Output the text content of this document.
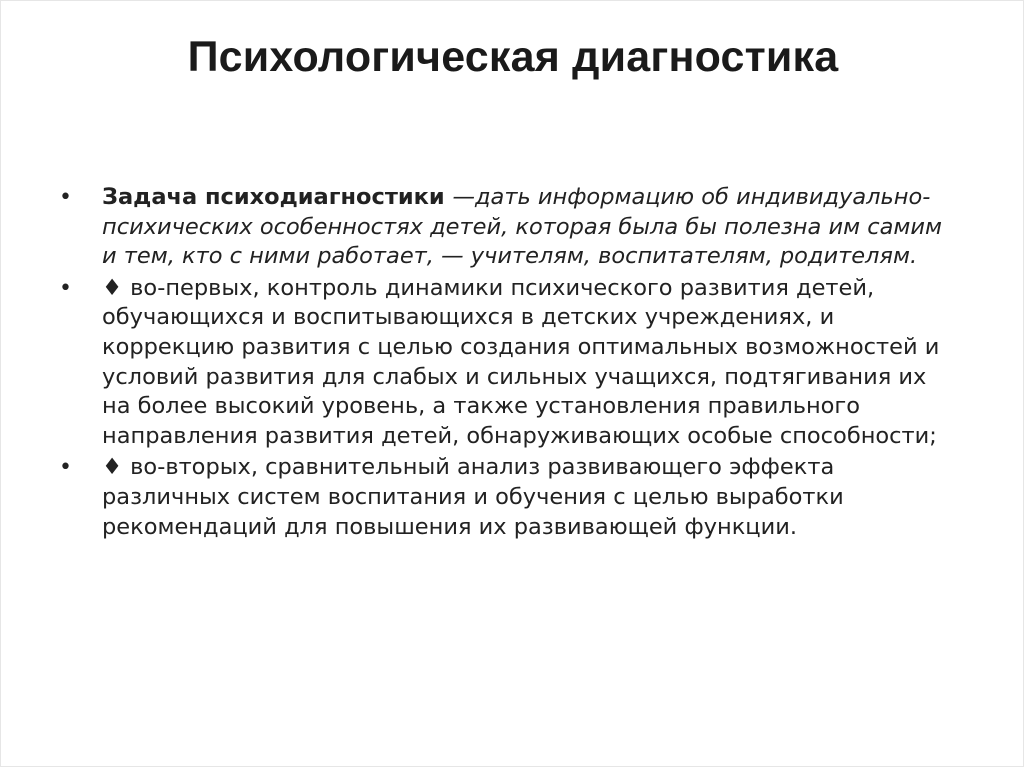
Психологическая диагностика
•	Задача психодиагностики —дать информацию об индивидуально-психических особенностях детей, которая была бы полезна им самим и тем, кто с ними работает, — учителям, воспитателям, родителям.
•	♦ во-первых, контроль динамики психического развития детей, обучающихся и воспитывающихся в детских учреждениях, и коррекцию развития с целью создания оптимальных возможностей и условий развития для слабых и сильных учащихся, подтягивания их на более высокий уровень, а также установления правильного направления развития детей, обнаруживающих особые способности;
•	♦ во-вторых, сравнительный анализ развивающего эффекта различных систем воспитания и обучения с целью выработки рекомендаций для повышения их развивающей функции.
